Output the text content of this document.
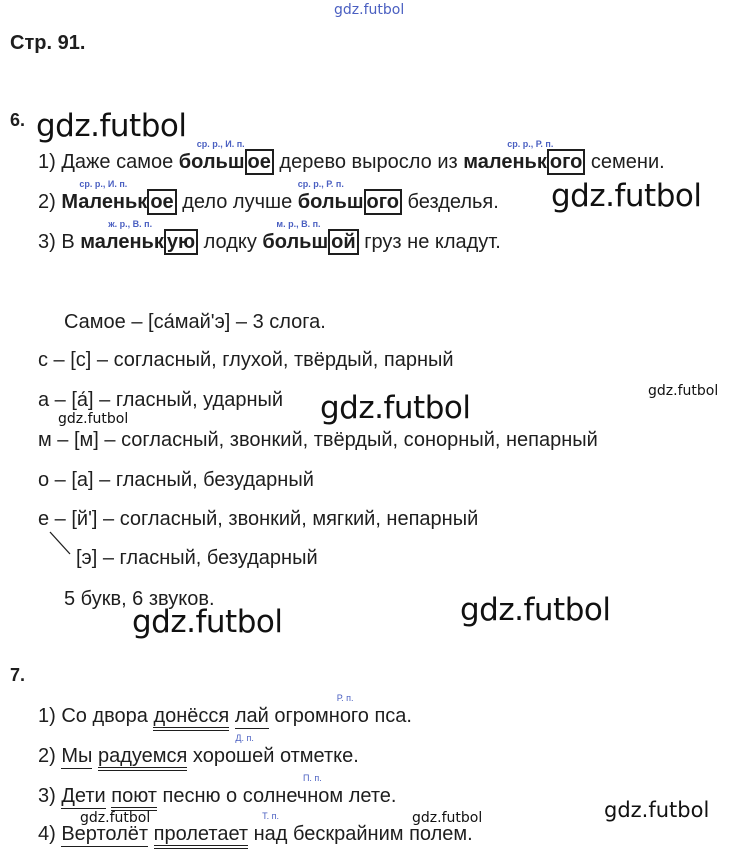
gdz.futbol
Стр. 91.
6. gdz.futbol
1) Даже самое больш ое
ср. р., И. п.
дерево выросло из маленьк ого
ср. р., Р. п.
семени.
2) Маленьк ое
ср. р., И. п.
дело лучше больш ого
ср. р., Р. п.
безделья. gdz.futbol
3) В маленьк ую
ж. р., В. п.
лодку больш ой
м. р., В. п.
груз не кладут.
Самое – [са́май'э] – 3 слога.
с – [с] – согласный, глухой, твёрдый, парный
а – [а́] – гласный, ударный	gdz.futbol
gdz.futbol
gdz.futbol
м – [м] – согласный, звонкий, твёрдый, сонорный, непарный
о – [а] – гласный, безударный
е – [й'] – согласный, звонкий, мягкий, непарный
[э] – гласный, безударный
5 букв, 6 звуков.	gdz.futbol
gdz.futbol
7.
1) Со двора донёсся лай огромного пса.
Р. п.
2) Мы радуемся хорошей отметке.
Д. п.
3) Дети поют песню о солнечном лете.
П. п.
gdz.futbol
4) Вертолёт пролетает над бескрайним полем.
Т. п.
gdz.futbol	gdz.futbol
